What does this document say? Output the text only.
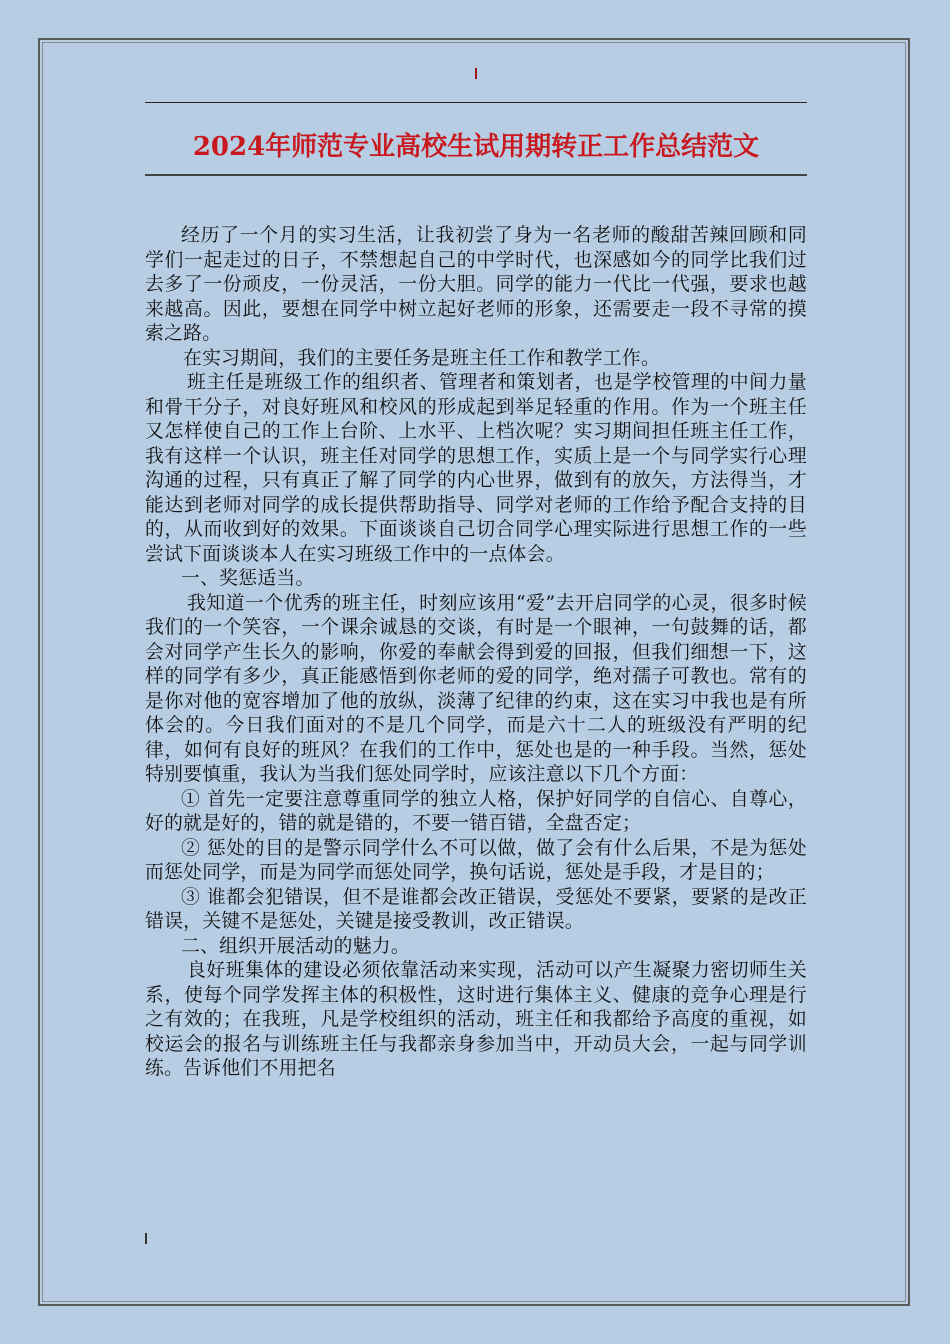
2024年师范专业高校生试用期转正工作总结范文

经历了一个月的实习生活，让我初尝了身为一名老师的酸甜苦辣回顾和同学们一起走过的日子，不禁想起自己的中学时代，也深感如今的同学比我们过去多了一份顽皮，一份灵活，一份大胆。同学的能力一代比一代强，要求也越来越高。因此，要想在同学中树立起好老师的形象，还需要走一段不寻常的摸索之路。

在实习期间，我们的主要任务是班主任工作和教学工作。

班主任是班级工作的组织者、管理者和策划者，也是学校管理的中间力量和骨干分子，对良好班风和校风的形成起到举足轻重的作用。作为一个班主任又怎样使自己的工作上台阶、上水平、上档次呢？实习期间担任班主任工作，我有这样一个认识，班主任对同学的思想工作，实质上是一个与同学实行心理沟通的过程，只有真正了解了同学的内心世界，做到有的放矢，方法得当，才能达到老师对同学的成长提供帮助指导、同学对老师的工作给予配合支持的目的，从而收到好的效果。下面谈谈自己切合同学心理实际进行思想工作的一些尝试下面谈谈本人在实习班级工作中的一点体会。

一、奖惩适当。

我知道一个优秀的班主任，时刻应该用“爱”去开启同学的心灵，很多时候我们的一个笑容，一个课余诚恳的交谈，有时是一个眼神，一句鼓舞的话，都会对同学产生长久的影响，你爱的奉献会得到爱的回报，但我们细想一下，这样的同学有多少，真正能感悟到你老师的爱的同学，绝对孺子可教也。常有的是你对他的宽容增加了他的放纵，淡薄了纪律的约束，这在实习中我也是有所体会的。今日我们面对的不是几个同学，而是六十二人的班级没有严明的纪律，如何有良好的班风？在我们的工作中，惩处也是的一种手段。当然，惩处特别要慎重，我认为当我们惩处同学时，应该注意以下几个方面：

① 首先一定要注意尊重同学的独立人格，保护好同学的自信心、自尊心，好的就是好的，错的就是错的，不要一错百错，全盘否定；

② 惩处的目的是警示同学什么不可以做，做了会有什么后果，不是为惩处而惩处同学，而是为同学而惩处同学，换句话说，惩处是手段，才是目的；

③ 谁都会犯错误，但不是谁都会改正错误，受惩处不要紧，要紧的是改正错误，关键不是惩处，关键是接受教训，改正错误。

二、组织开展活动的魅力。

良好班集体的建设必须依靠活动来实现，活动可以产生凝聚力密切师生关系，使每个同学发挥主体的积极性，这时进行集体主义、健康的竞争心理是行之有效的；在我班，凡是学校组织的活动，班主任和我都给予高度的重视，如校运会的报名与训练班主任与我都亲身参加当中，开动员大会，一起与同学训练。告诉他们不用把名
